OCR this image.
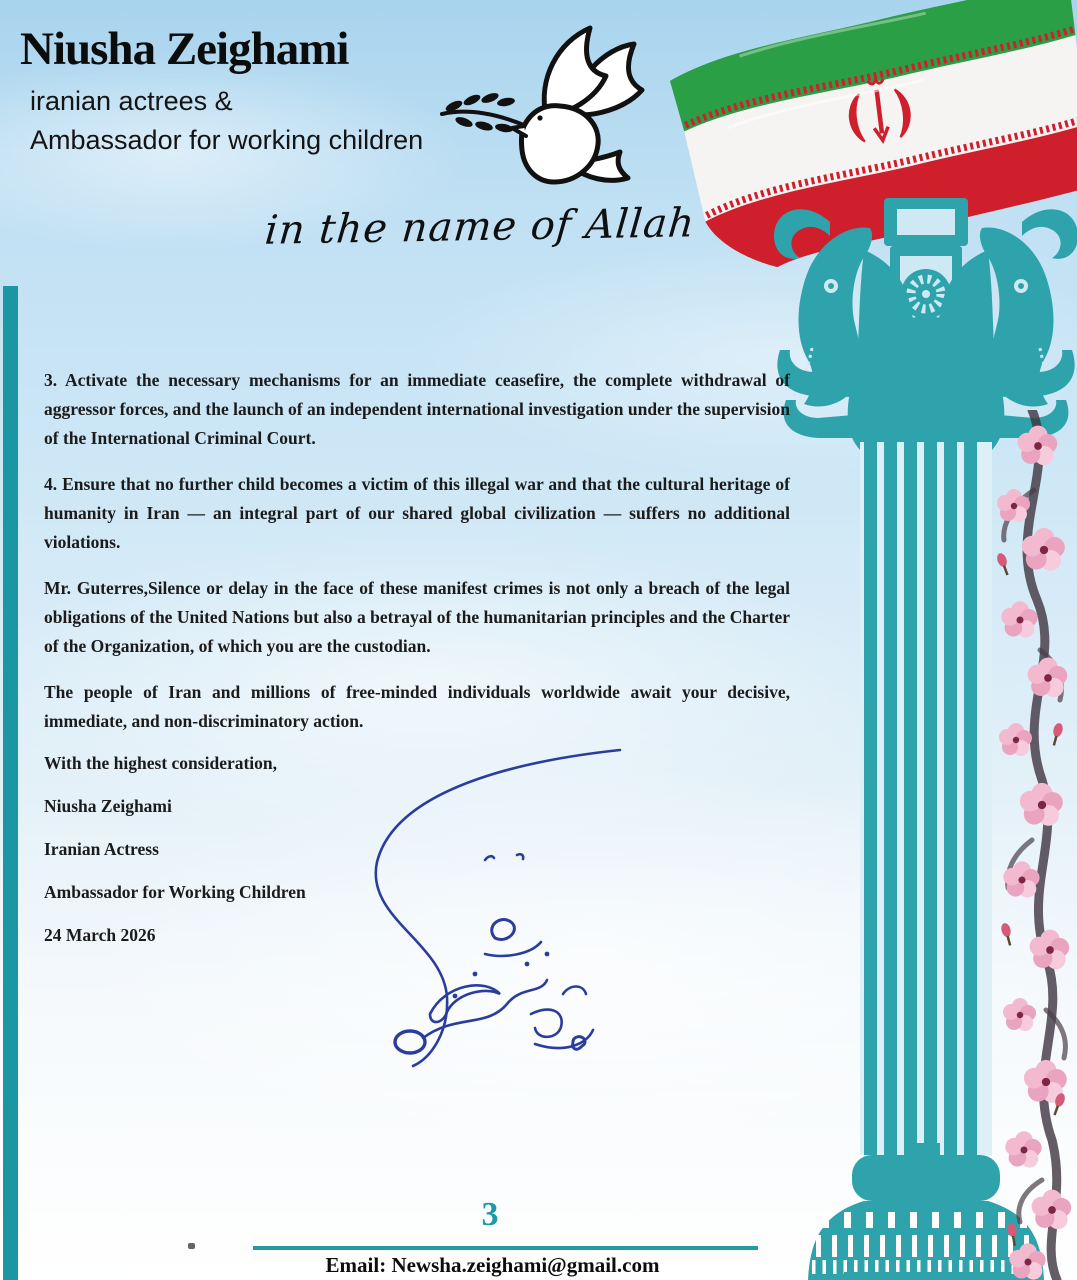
Niusha Zeighami
iranian actrees &
Ambassador for working children
in the name of Allah

3. Activate the necessary mechanisms for an immediate ceasefire, the complete withdrawal of aggressor forces, and the launch of an independent international investigation under the supervision of the International Criminal Court.

4. Ensure that no further child becomes a victim of this illegal war and that the cultural heritage of humanity in Iran — an integral part of our shared global civilization — suffers no additional violations.

Mr. Guterres,Silence or delay in the face of these manifest crimes is not only a breach of the legal obligations of the United Nations but also a betrayal of the humanitarian principles and the Charter of the Organization, of which you are the custodian.

The people of Iran and millions of free-minded individuals worldwide await your decisive, immediate, and non-discriminatory action.

With the highest consideration,
Niusha Zeighami
Iranian Actress
Ambassador for Working Children
24 March 2026
3
Email: Newsha.zeighami@gmail.com
